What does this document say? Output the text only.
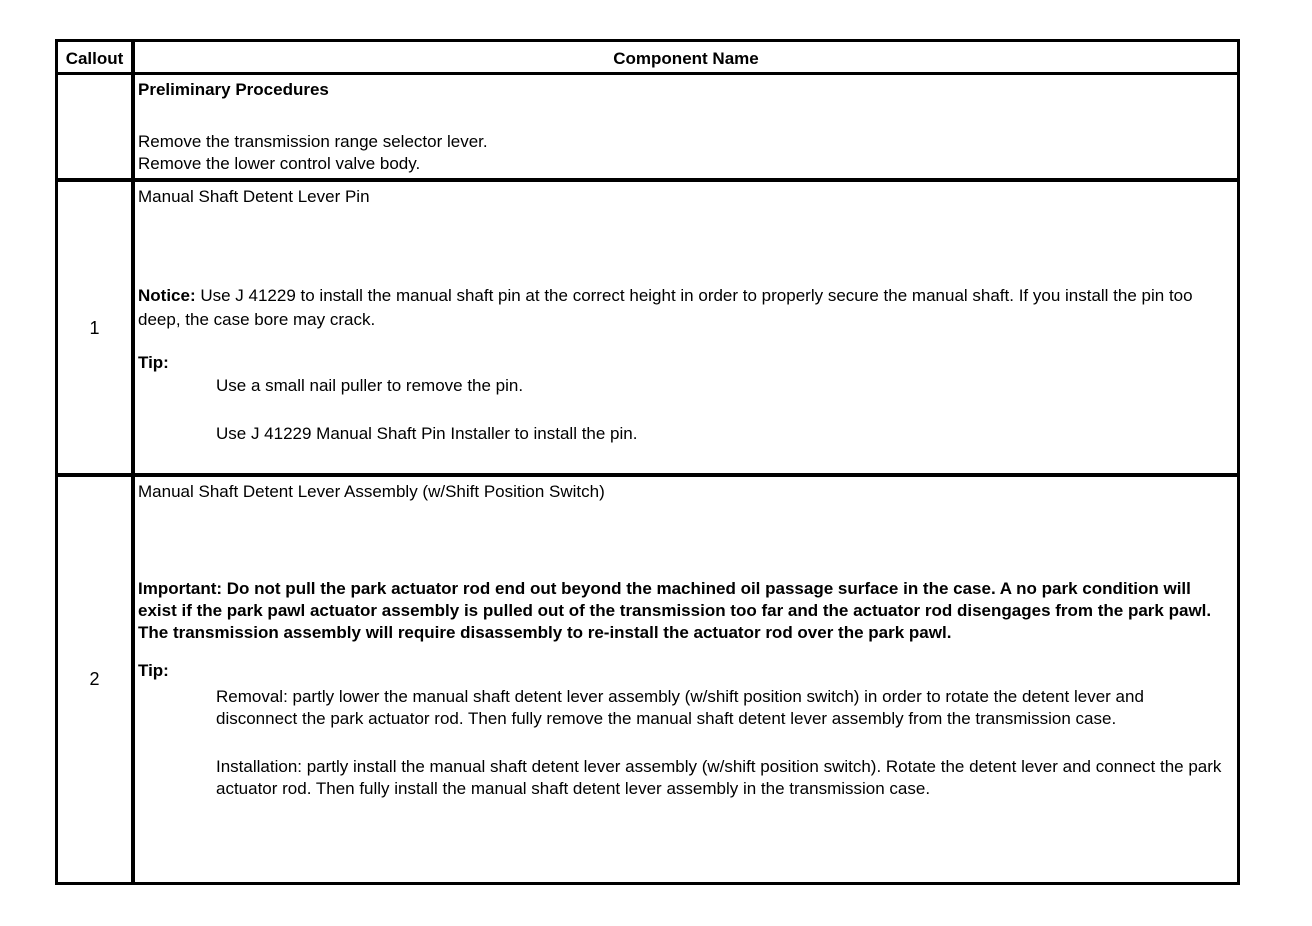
Callout	Component Name

Preliminary Procedures

Remove the transmission range selector lever.

Remove the lower control valve body.

1

Manual Shaft Detent Lever Pin

Notice: Use J 41229 to install the manual shaft pin at the correct height in order to properly secure the manual shaft. If you install the pin too deep, the case bore may crack.

Tip:

Use a small nail puller to remove the pin.

Use J 41229 Manual Shaft Pin Installer to install the pin.

2

Manual Shaft Detent Lever Assembly (w/Shift Position Switch)

Important: Do not pull the park actuator rod end out beyond the machined oil passage surface in the case. A no park condition will exist if the park pawl actuator assembly is pulled out of the transmission too far and the actuator rod disengages from the park pawl. The transmission assembly will require disassembly to re-install the actuator rod over the park pawl.

Tip:

Removal: partly lower the manual shaft detent lever assembly (w/shift position switch) in order to rotate the detent lever and disconnect the park actuator rod. Then fully remove the manual shaft detent lever assembly from the transmission case.

Installation: partly install the manual shaft detent lever assembly (w/shift position switch). Rotate the detent lever and connect the park actuator rod. Then fully install the manual shaft detent lever assembly in the transmission case.
